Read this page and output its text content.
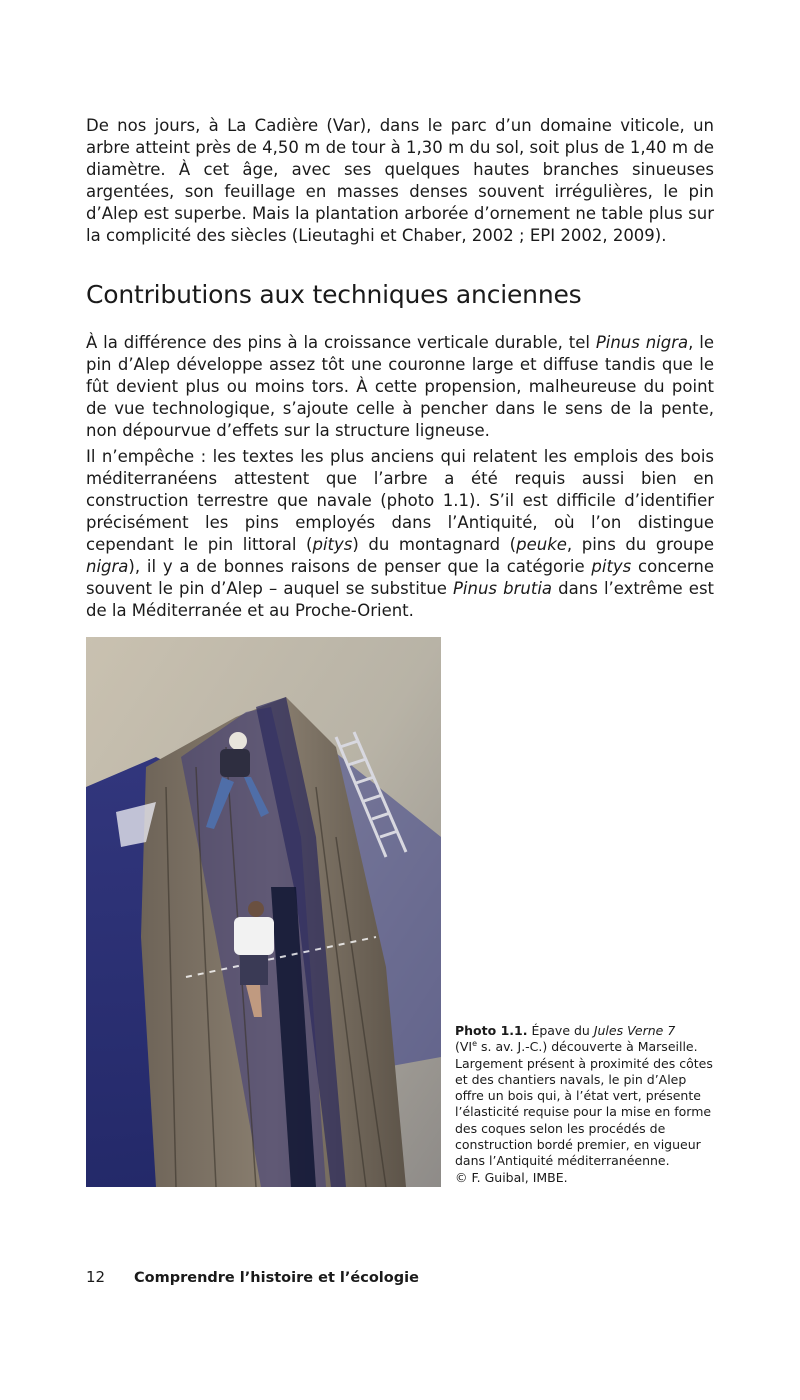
De nos jours, à La Cadière (Var), dans le parc d’un domaine viticole, un arbre atteint près de 4,50 m de tour à 1,30 m du sol, soit plus de 1,40 m de diamètre. À cet âge, avec ses quelques hautes branches sinueuses argentées, son feuillage en masses denses souvent irrégulières, le pin d’Alep est superbe. Mais la plantation arborée d’ornement ne table plus sur la complicité des siècles (Lieutaghi et Chaber, 2002 ; EPI 2002, 2009).

Contributions aux techniques anciennes

À la différence des pins à la croissance verticale durable, tel Pinus nigra, le pin d’Alep développe assez tôt une couronne large et diffuse tandis que le fût devient plus ou moins tors. À cette propension, malheureuse du point de vue technologique, s’ajoute celle à pencher dans le sens de la pente, non dépourvue d’effets sur la structure ligneuse.

Il n’empêche : les textes les plus anciens qui relatent les emplois des bois méditerranéens attestent que l’arbre a été requis aussi bien en construction terrestre que navale (photo 1.1). S’il est difficile d’identifier précisément les pins employés dans l’Antiquité, où l’on distingue cependant le pin littoral (pitys) du montagnard (peuke, pins du groupe nigra), il y a de bonnes raisons de penser que la catégorie pitys concerne souvent le pin d’Alep – auquel se substitue Pinus brutia dans l’extrême est de la Méditerranée et au Proche-Orient.

Photo 1.1. Épave du Jules Verne 7
(VIe s. av. J.-C.) découverte à Marseille.
Largement présent à proximité des côtes et des chantiers navals, le pin d’Alep offre un bois qui, à l’état vert, présente l’élasticité requise pour la mise en forme des coques selon les procédés de construction bordé premier, en vigueur dans l’Antiquité méditerranéenne.
© F. Guibal, IMBE.
12 Comprendre l’histoire et l’écologie
